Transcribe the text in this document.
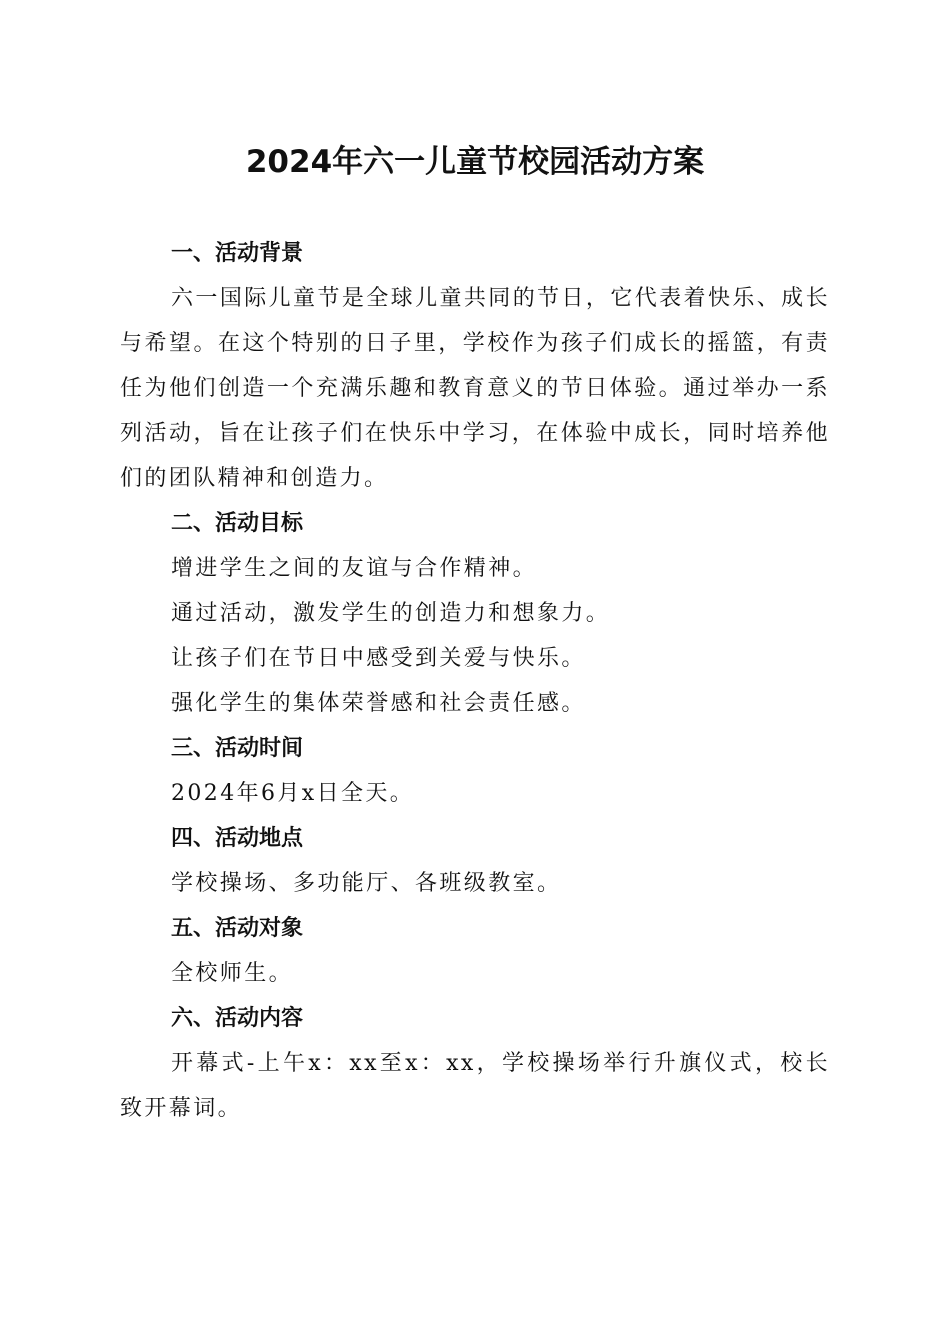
2024年六一儿童节校园活动方案
一、活动背景

六一国际儿童节是全球儿童共同的节日，它代表着快乐、成长与希望。在这个特别的日子里，学校作为孩子们成长的摇篮，有责任为他们创造一个充满乐趣和教育意义的节日体验。通过举办一系列活动，旨在让孩子们在快乐中学习，在体验中成长，同时培养他们的团队精神和创造力。

二、活动目标

增进学生之间的友谊与合作精神。

通过活动，激发学生的创造力和想象力。

让孩子们在节日中感受到关爱与快乐。

强化学生的集体荣誉感和社会责任感。

三、活动时间

2024年6月x日全天。

四、活动地点

学校操场、多功能厅、各班级教室。

五、活动对象

全校师生。

六、活动内容

开幕式-上午x：xx至x：xx，学校操场举行升旗仪式，校长致开幕词。
